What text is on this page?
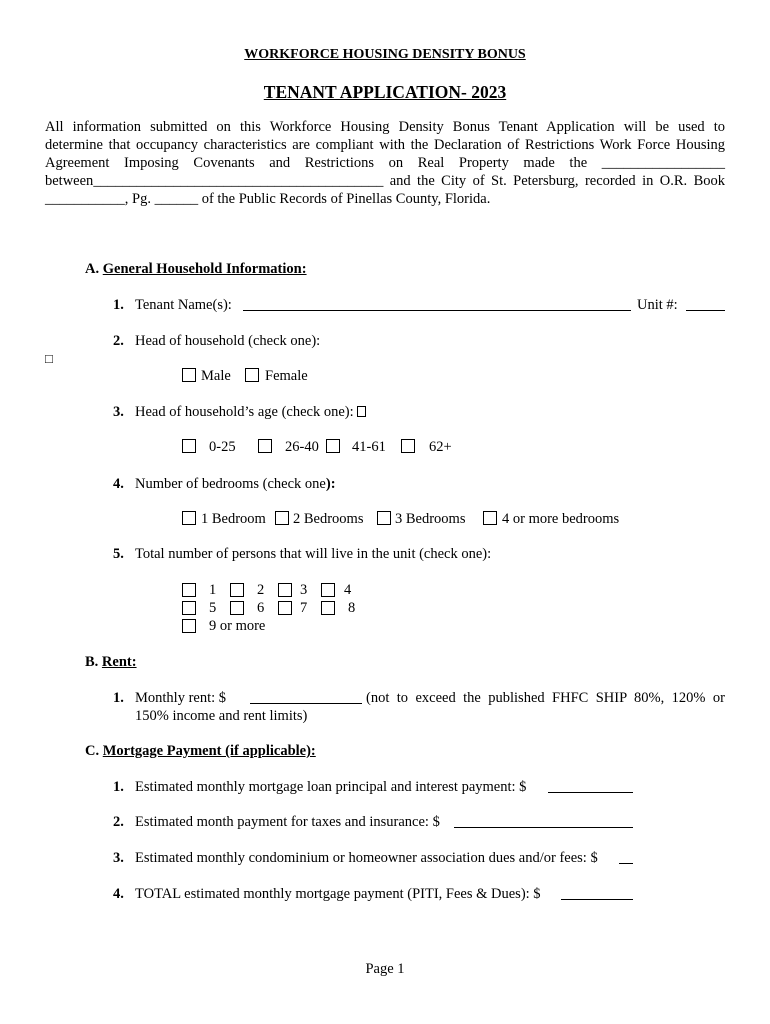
WORKFORCE HOUSING DENSITY BONUS
TENANT APPLICATION- 2023
All information submitted on this Workforce Housing Density Bonus Tenant Application will be used to
determine that occupancy characteristics are compliant with the Declaration of Restrictions Work Force Housing
Agreement Imposing Covenants and Restrictions on Real Property made the _________________
between________________________________________ and the City of St. Petersburg, recorded in O.R. Book
___________, Pg. ______ of the Public Records of Pinellas County, Florida.
A. General Household Information:
1. Tenant Name(s):	Unit #:
2. Head of household (check one):
□
Male Female
3. Head of household’s age (check one):
0-25	26-40 41-61	62+
4. Number of bedrooms (check one):
1 Bedroom 2 Bedrooms 3 Bedrooms	4 or more bedrooms
5. Total number of persons that will live in the unit (check one):
1	2 3	4
5	6 7	8
9 or more
B. Rent:
1. Monthly rent: $	(not to exceed the published FHFC SHIP 80%, 120% or
150% income and rent limits)
C. Mortgage Payment (if applicable):
1. Estimated monthly mortgage loan principal and interest payment: $
2. Estimated month payment for taxes and insurance: $
3. Estimated monthly condominium or homeowner association dues and/or fees: $
4. TOTAL estimated monthly mortgage payment (PITI, Fees & Dues): $
Page 1
